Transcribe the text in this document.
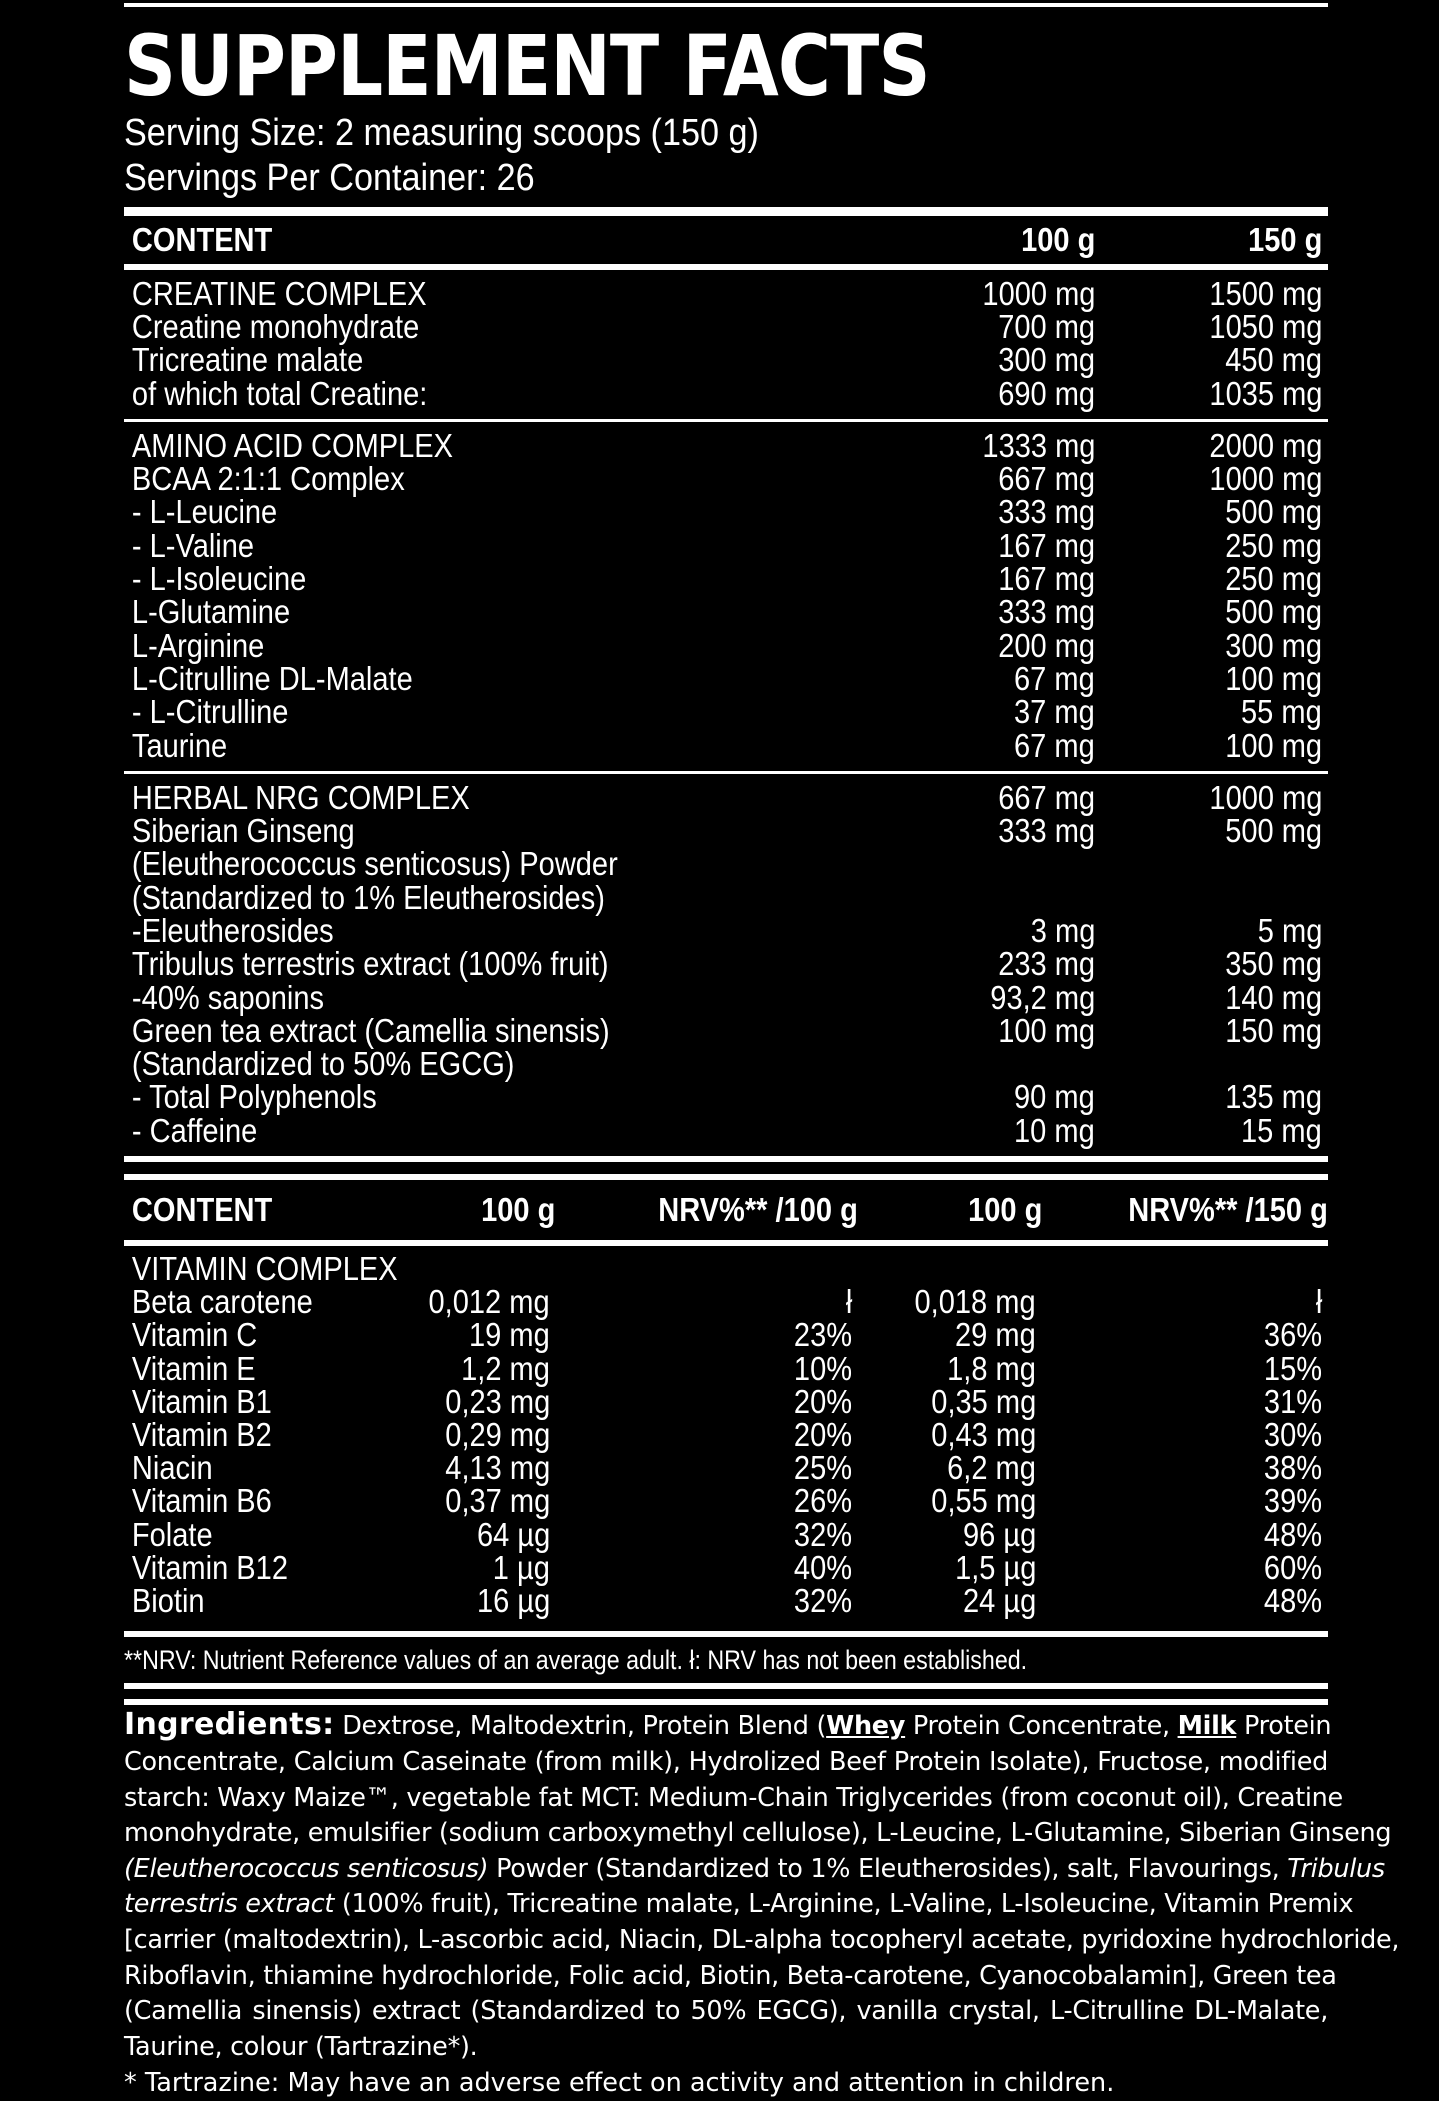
SUPPLEMENT FACTS
Serving Size: 2 measuring scoops (150 g)
Servings Per Container: 26
CONTENT	100 g	150 g
CREATINE COMPLEX	1000 mg	1500 mg
Creatine monohydrate	700 mg	1050 mg
Tricreatine malate	300 mg	450 mg
of which total Creatine:	690 mg	1035 mg
AMINO ACID COMPLEX	1333 mg	2000 mg
BCAA 2:1:1 Complex	667 mg	1000 mg
- L-Leucine	333 mg	500 mg
- L-Valine	167 mg	250 mg
- L-Isoleucine	167 mg	250 mg
L-Glutamine	333 mg	500 mg
L-Arginine	200 mg	300 mg
L-Citrulline DL-Malate	67 mg	100 mg
- L-Citrulline	37 mg	55 mg
Taurine	67 mg	100 mg
HERBAL NRG COMPLEX	667 mg	1000 mg
Siberian Ginseng	333 mg	500 mg
(Eleutherococcus senticosus) Powder
(Standardized to 1% Eleutherosides)
-Eleutherosides	3 mg	5 mg
Tribulus terrestris extract (100% fruit)	233 mg	350 mg
-40% saponins	93,2 mg	140 mg
Green tea extract (Camellia sinensis)	100 mg	150 mg
(Standardized to 50% EGCG)
- Total Polyphenols	90 mg	135 mg
- Caffeine	10 mg	15 mg
CONTENT	100 g	NRV%** /100 g	100 g	NRV%** /150 g
VITAMIN COMPLEX
Beta carotene	0,012 mg	ł 0,018 mg	ł
Vitamin C	19 mg	23%	29 mg	36%
Vitamin E	1,2 mg	10%	1,8 mg	15%
Vitamin B1	0,23 mg	20% 0,35 mg	31%
Vitamin B2	0,29 mg	20% 0,43 mg	30%
Niacin	4,13 mg	25%	6,2 mg	38%
Vitamin B6	0,37 mg	26% 0,55 mg	39%
Folate	64 µg	32%	96 µg	48%
Vitamin B12	1 µg	40%	1,5 µg	60%
Biotin	16 µg	32%	24 µg	48%
**NRV: Nutrient Reference values of an average adult. ł: NRV has not been established.
Ingredients: Dextrose, Maltodextrin, Protein Blend (Whey Protein Concentrate, Milk Protein
Concentrate, Calcium Caseinate (from milk), Hydrolized Beef Protein Isolate), Fructose, modified
starch: Waxy Maize™, vegetable fat MCT: Medium-Chain Triglycerides (from coconut oil), Creatine
monohydrate, emulsifier (sodium carboxymethyl cellulose), L-Leucine, L-Glutamine, Siberian Ginseng
(Eleutherococcus senticosus) Powder (Standardized to 1% Eleutherosides), salt, Flavourings, Tribulus
terrestris extract (100% fruit), Tricreatine malate, L-Arginine, L-Valine, L-Isoleucine, Vitamin Premix
[carrier (maltodextrin), L-ascorbic acid, Niacin, DL-alpha tocopheryl acetate, pyridoxine hydrochloride,
Riboflavin, thiamine hydrochloride, Folic acid, Biotin, Beta-carotene, Cyanocobalamin], Green tea
(Camellia sinensis) extract (Standardized to 50% EGCG), vanilla crystal, L-Citrulline DL-Malate,
Taurine, colour (Tartrazine*).
* Tartrazine: May have an adverse effect on activity and attention in children.
